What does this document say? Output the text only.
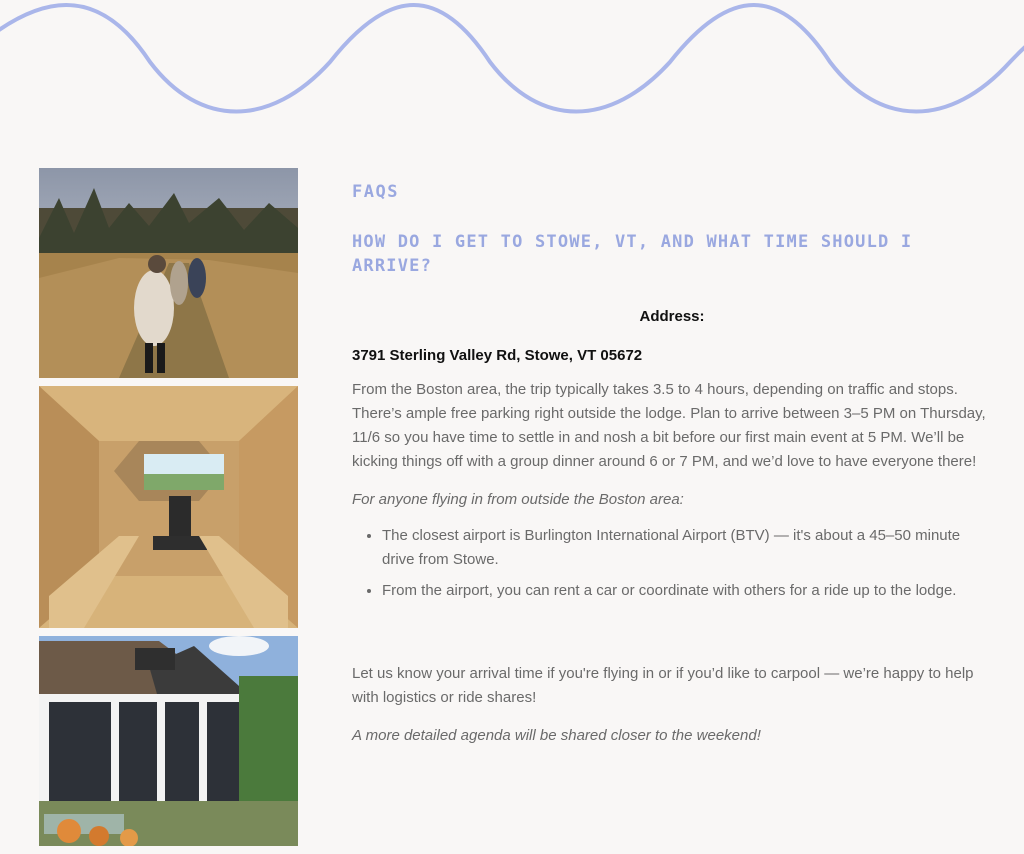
FAQS
HOW DO I GET TO STOWE, VT, AND WHAT TIME SHOULD I ARRIVE?
Address:
3791 Sterling Valley Rd, Stowe, VT 05672

From the Boston area, the trip typically takes 3.5 to 4 hours, depending on traffic and stops. There’s ample free parking right outside the lodge. Plan to arrive between 3–5 PM on Thursday, 11/6 so you have time to settle in and nosh a bit before our first main event at 5 PM. We’ll be kicking things off with a group dinner around 6 or 7 PM, and we’d love to have everyone there!

For anyone flying in from outside the Boston area:

• The closest airport is Burlington International Airport (BTV) — it's about a 45–50 minute drive from Stowe.
• From the airport, you can rent a car or coordinate with others for a ride up to the lodge.

Let us know your arrival time if you're flying in or if you’d like to carpool — we’re happy to help with logistics or ride shares!

A more detailed agenda will be shared closer to the weekend!
